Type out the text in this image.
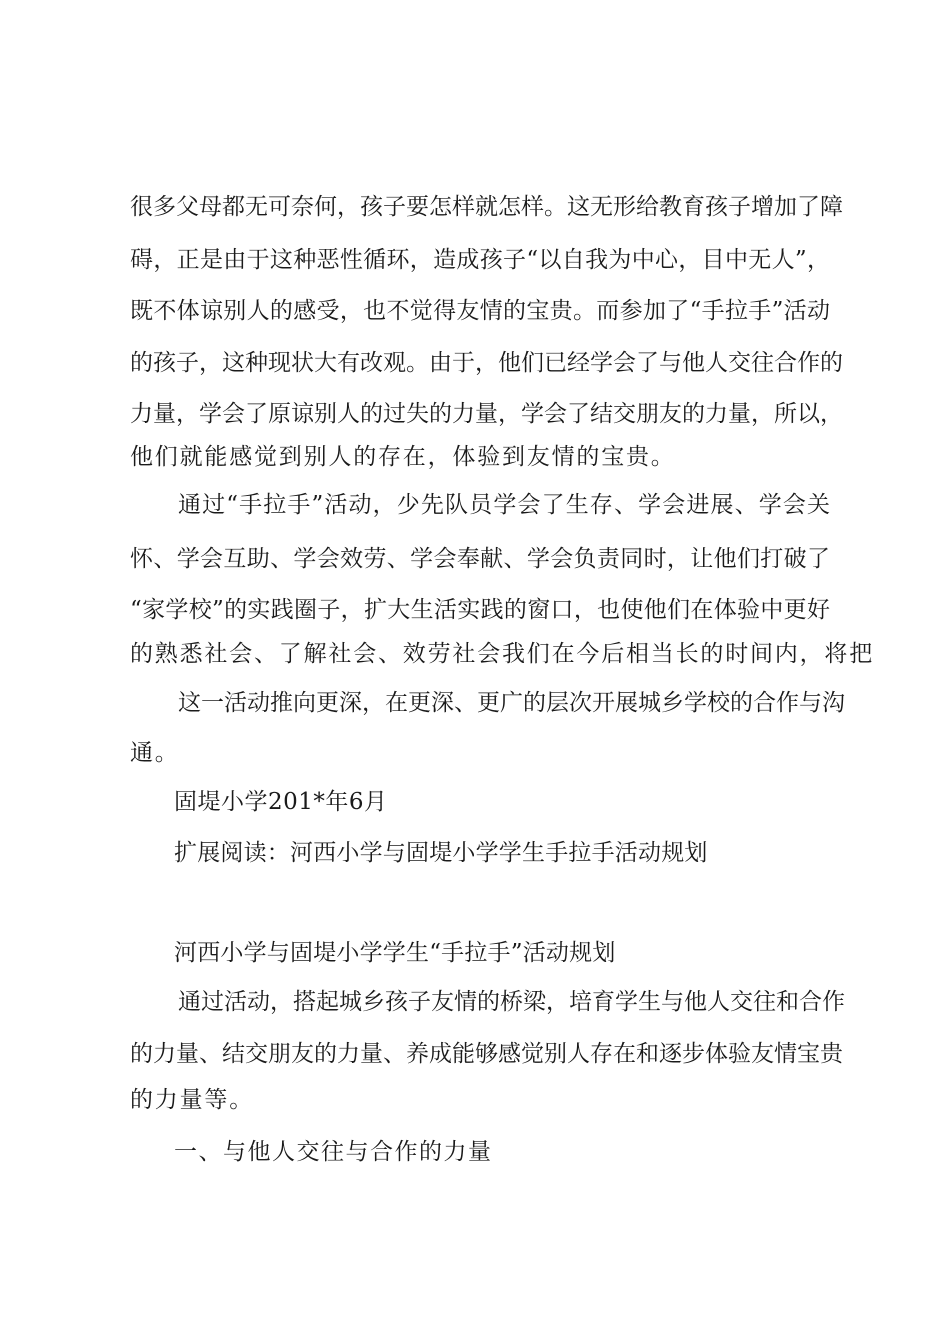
很多父母都无可奈何，孩子要怎样就怎样。这无形给教育孩子增加了障
碍，正是由于这种恶性循环，造成孩子“以自我为中心，目中无人”，
既不体谅别人的感受，也不觉得友情的宝贵。而参加了“手拉手”活动
的孩子，这种现状大有改观。由于，他们已经学会了与他人交往合作的
力量，学会了原谅别人的过失的力量，学会了结交朋友的力量，所以，
他们就能感觉到别人的存在，体验到友情的宝贵。
通过“手拉手”活动，少先队员学会了生存、学会进展、学会关
怀、学会互助、学会效劳、学会奉献、学会负责同时，让他们打破了
“家学校”的实践圈子，扩大生活实践的窗口，也使他们在体验中更好
的熟悉社会、了解社会、效劳社会我们在今后相当长的时间内，将把
这一活动推向更深，在更深、更广的层次开展城乡学校的合作与沟
通。
固堤小学201*年6月
扩展阅读：河西小学与固堤小学学生手拉手活动规划
河西小学与固堤小学学生“手拉手”活动规划
通过活动，搭起城乡孩子友情的桥梁，培育学生与他人交往和合作
的力量、结交朋友的力量、养成能够感觉别人存在和逐步体验友情宝贵
的力量等。
一、与他人交往与合作的力量
